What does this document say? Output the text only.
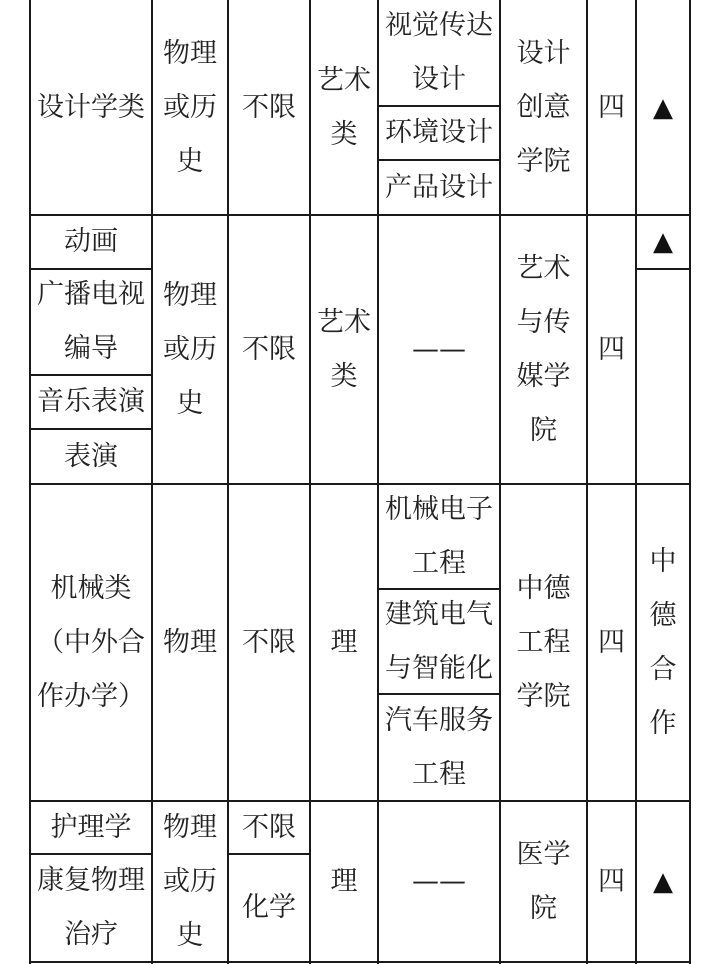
设计学类
物理
或历
史
不限
艺术
类
视觉传达
设计
环境设计
产品设计
设计
创意
学院
四 ▲
动画
广播电视
编导
音乐表演
表演
物理
或历
史
不限
艺术
类
——
艺术
与传
媒学
院
四
▲
机械类
（中外合
作办学）
物理 不限 理
机械电子
工程
建筑电气
与智能化
汽车服务
工程
中德
工程
学院
四
中
德
合
作
护理学
康复物理
治疗
物理
或历
史
不限
化学
理 ——
医学
院
四 ▲
